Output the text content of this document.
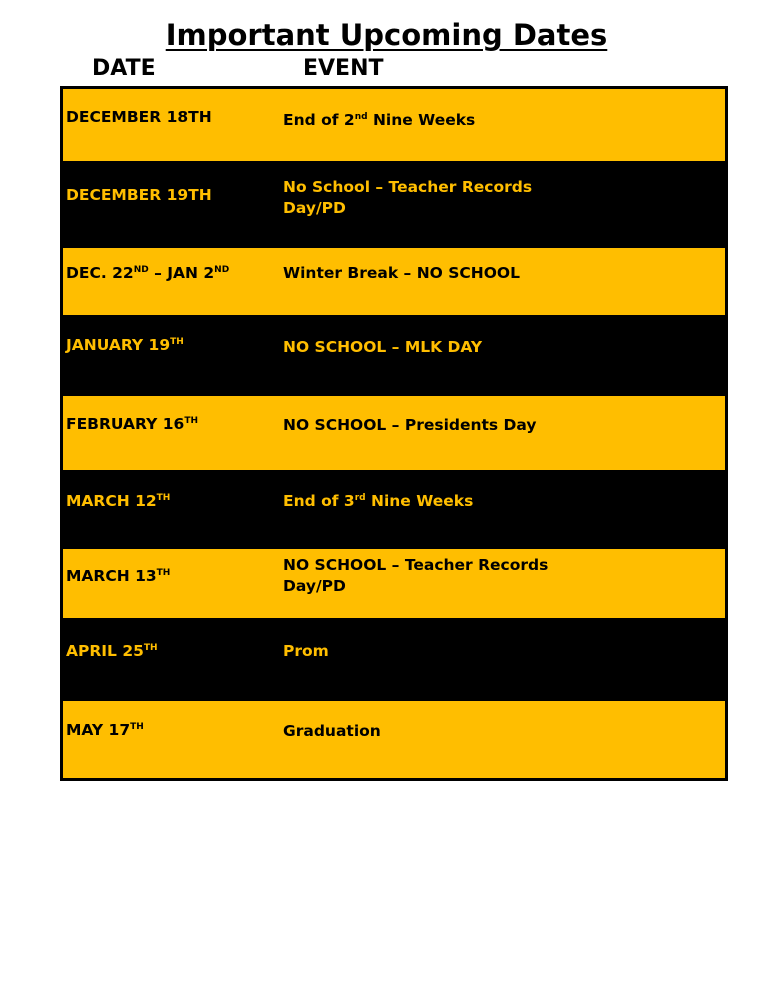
Important Upcoming Dates
DATE	EVENT
DECEMBER 18TH	End of 2nd Nine Weeks
DECEMBER 19TH	No School – Teacher Records Day/PD
DEC. 22ND – JAN 2ND	Winter Break – NO SCHOOL
JANUARY 19TH	NO SCHOOL – MLK DAY
FEBRUARY 16TH	NO SCHOOL – Presidents Day
MARCH 12TH	End of 3rd Nine Weeks
MARCH 13TH	NO SCHOOL – Teacher Records Day/PD
APRIL 25TH	Prom
MAY 17TH	Graduation
